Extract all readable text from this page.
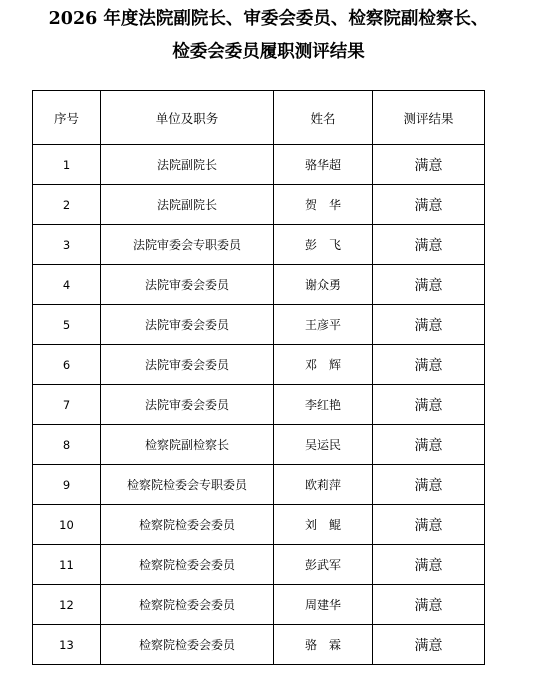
2026 年度法院副院长、审委会委员、检察院副检察长、
检委会委员履职测评结果
序号	单位及职务	姓名	测评结果
1	法院副院长	骆华超	满意
2	法院副院长	贺　华	满意
3	法院审委会专职委员	彭　飞	满意
4	法院审委会委员	谢众勇	满意
5	法院审委会委员	王彦平	满意
6	法院审委会委员	邓　辉	满意
7	法院审委会委员	李红艳	满意
8	检察院副检察长	吴运民	满意
9	检察院检委会专职委员	欧莉萍	满意
10	检察院检委会委员	刘　鲲	满意
11	检察院检委会委员	彭武军	满意
12	检察院检委会委员	周建华	满意
13	检察院检委会委员	骆　霖	满意
